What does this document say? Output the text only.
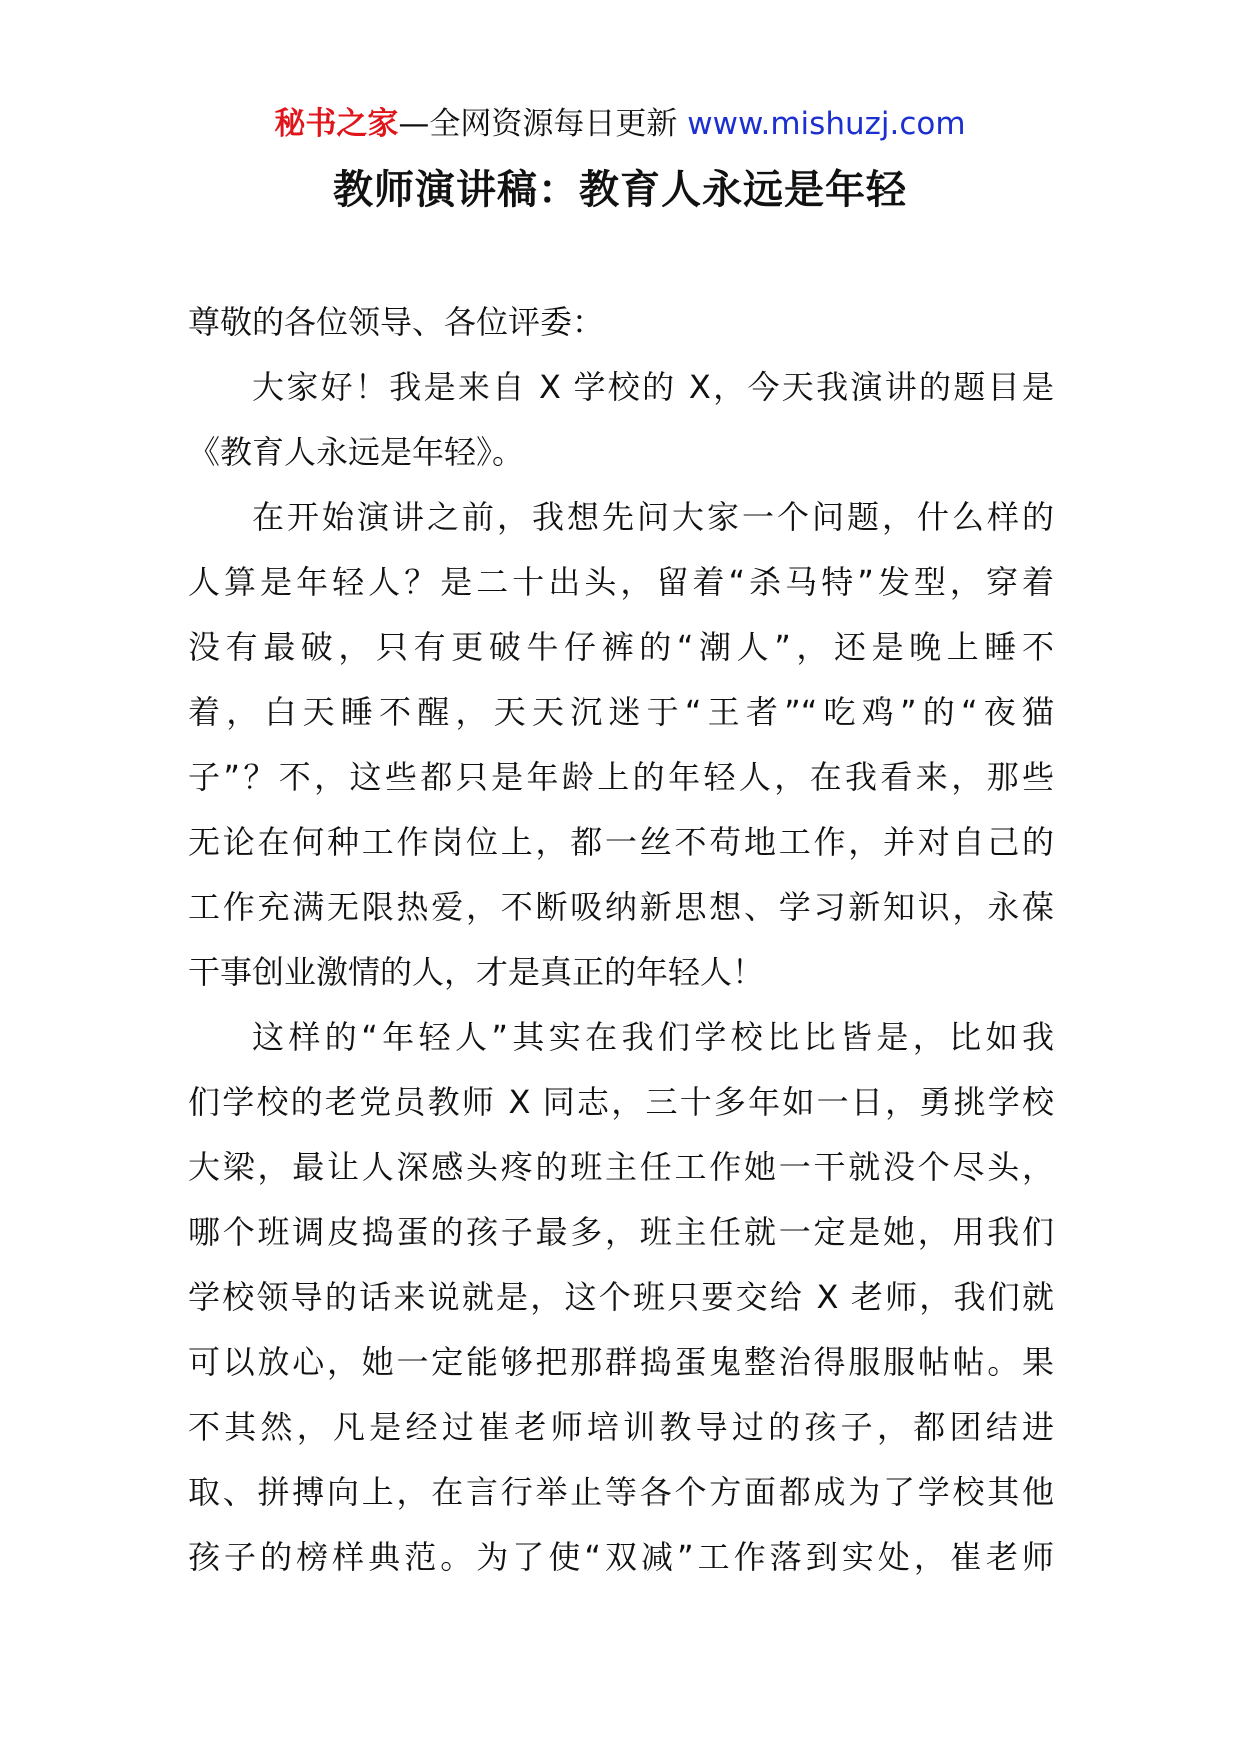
秘书之家—全网资源每日更新 www.mishuzj.com
教师演讲稿：教育人永远是年轻
尊敬的各位领导、各位评委：
大家好！我是来自 X 学校的 X，今天我演讲的题目是
《教育人永远是年轻》。
在开始演讲之前，我想先问大家一个问题，什么样的
人算是年轻人？是二十出头，留着“杀马特”发型，穿着
没有最破，只有更破牛仔裤的“潮人”，还是晚上睡不
着，白天睡不醒，天天沉迷于“王者”“吃鸡”的“夜猫
子”？不，这些都只是年龄上的年轻人，在我看来，那些
无论在何种工作岗位上，都一丝不苟地工作，并对自己的
工作充满无限热爱，不断吸纳新思想、学习新知识，永葆
干事创业激情的人，才是真正的年轻人！
这样的“年轻人”其实在我们学校比比皆是，比如我
们学校的老党员教师 X 同志，三十多年如一日，勇挑学校
大梁，最让人深感头疼的班主任工作她一干就没个尽头，
哪个班调皮捣蛋的孩子最多，班主任就一定是她，用我们
学校领导的话来说就是，这个班只要交给 X 老师，我们就
可以放心，她一定能够把那群捣蛋鬼整治得服服帖帖。果
不其然，凡是经过崔老师培训教导过的孩子，都团结进
取、拼搏向上，在言行举止等各个方面都成为了学校其他
孩子的榜样典范。为了使“双减”工作落到实处，崔老师
